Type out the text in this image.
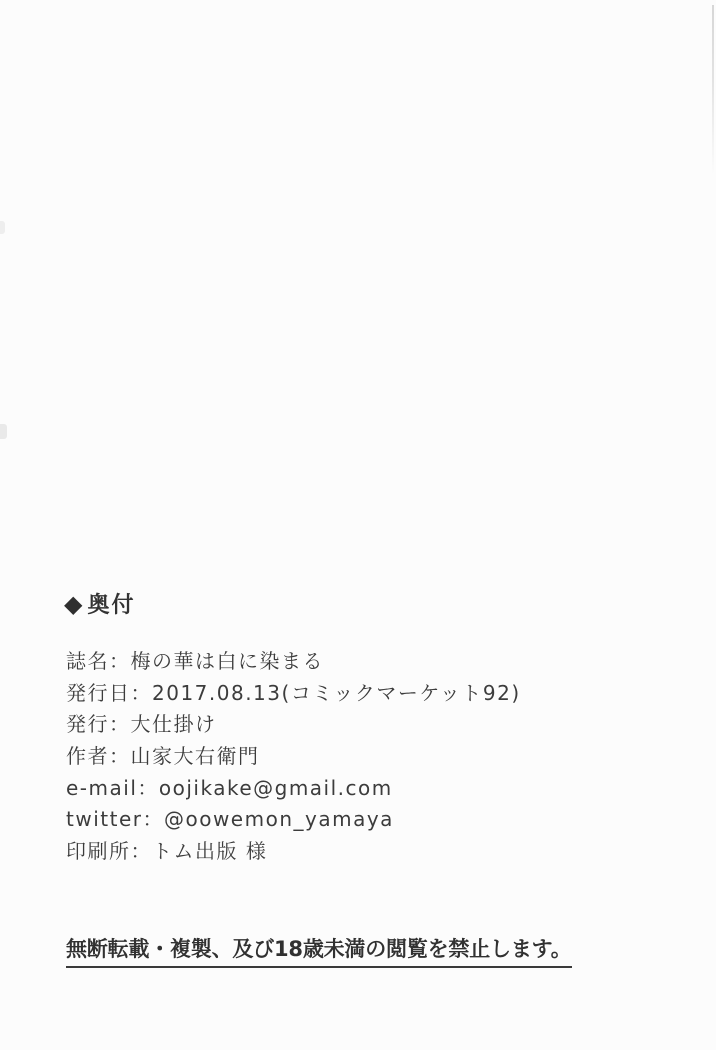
◆ 奥付

誌名：梅の華は白に染まる

発行日：2017.08.13(コミックマーケット92)

発行：大仕掛け

作者：山家大右衛門

e-mail：oojikake@gmail.com

twitter：@oowemon_yamaya

印刷所：トム出版 様

無断転載・複製、及び18歳未満の閲覧を禁止します。
